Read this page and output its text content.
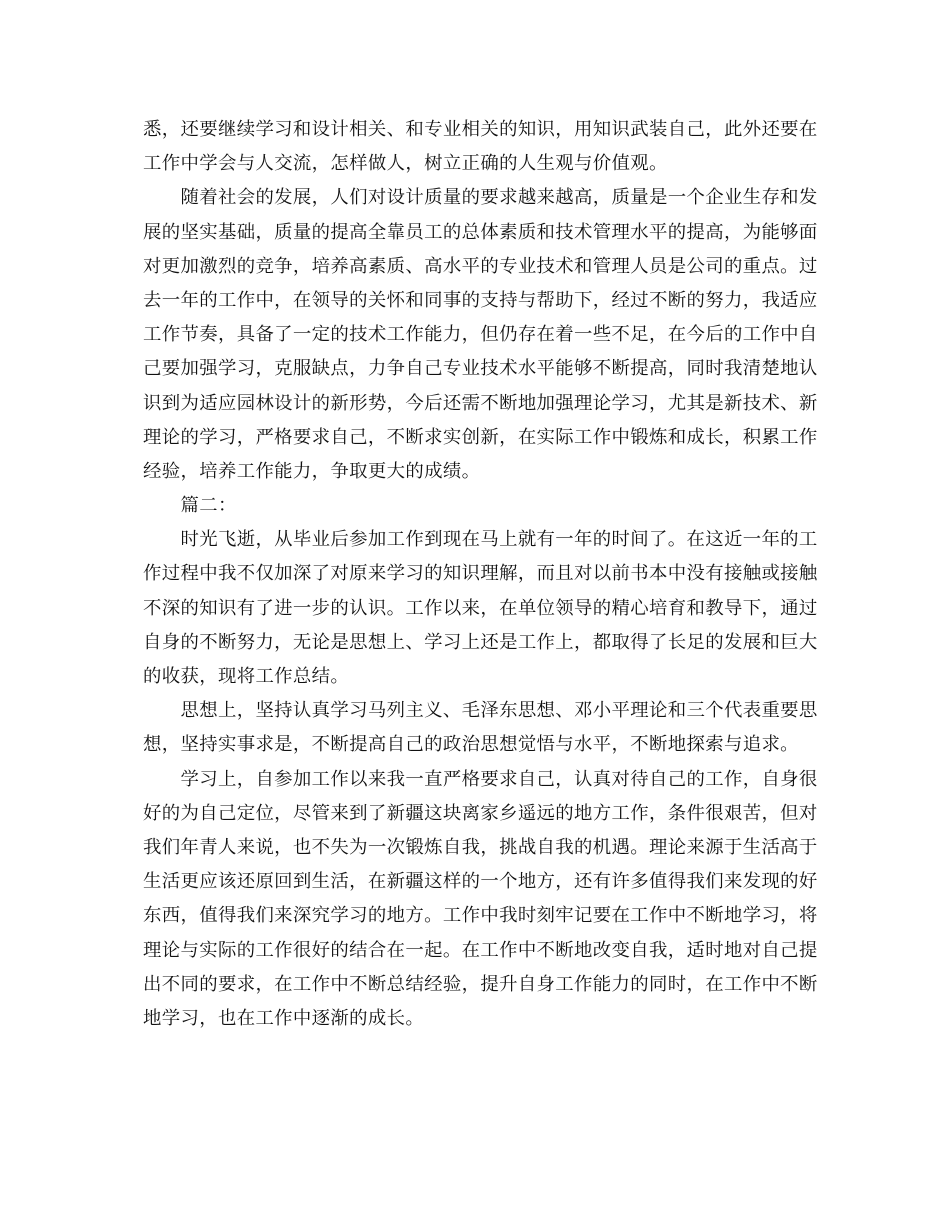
悉，还要继续学习和设计相关、和专业相关的知识，用知识武装自己，此外还要在
工作中学会与人交流，怎样做人，树立正确的人生观与价值观。
　　随着社会的发展，人们对设计质量的要求越来越高，质量是一个企业生存和发
展的坚实基础，质量的提高全靠员工的总体素质和技术管理水平的提高，为能够面
对更加激烈的竞争，培养高素质、高水平的专业技术和管理人员是公司的重点。过
去一年的工作中，在领导的关怀和同事的支持与帮助下，经过不断的努力，我适应
工作节奏，具备了一定的技术工作能力，但仍存在着一些不足，在今后的工作中自
己要加强学习，克服缺点，力争自己专业技术水平能够不断提高，同时我清楚地认
识到为适应园林设计的新形势，今后还需不断地加强理论学习，尤其是新技术、新
理论的学习，严格要求自己，不断求实创新，在实际工作中锻炼和成长，积累工作
经验，培养工作能力，争取更大的成绩。
　　篇二：
　　时光飞逝，从毕业后参加工作到现在马上就有一年的时间了。在这近一年的工
作过程中我不仅加深了对原来学习的知识理解，而且对以前书本中没有接触或接触
不深的知识有了进一步的认识。工作以来，在单位领导的精心培育和教导下，通过
自身的不断努力，无论是思想上、学习上还是工作上，都取得了长足的发展和巨大
的收获，现将工作总结。
　　思想上，坚持认真学习马列主义、毛泽东思想、邓小平理论和三个代表重要思
想，坚持实事求是，不断提高自己的政治思想觉悟与水平，不断地探索与追求。
　　学习上，自参加工作以来我一直严格要求自己，认真对待自己的工作，自身很
好的为自己定位，尽管来到了新疆这块离家乡遥远的地方工作，条件很艰苦，但对
我们年青人来说，也不失为一次锻炼自我，挑战自我的机遇。理论来源于生活高于
生活更应该还原回到生活，在新疆这样的一个地方，还有许多值得我们来发现的好
东西，值得我们来深究学习的地方。工作中我时刻牢记要在工作中不断地学习，将
理论与实际的工作很好的结合在一起。在工作中不断地改变自我，适时地对自己提
出不同的要求，在工作中不断总结经验，提升自身工作能力的同时，在工作中不断
地学习，也在工作中逐渐的成长。
